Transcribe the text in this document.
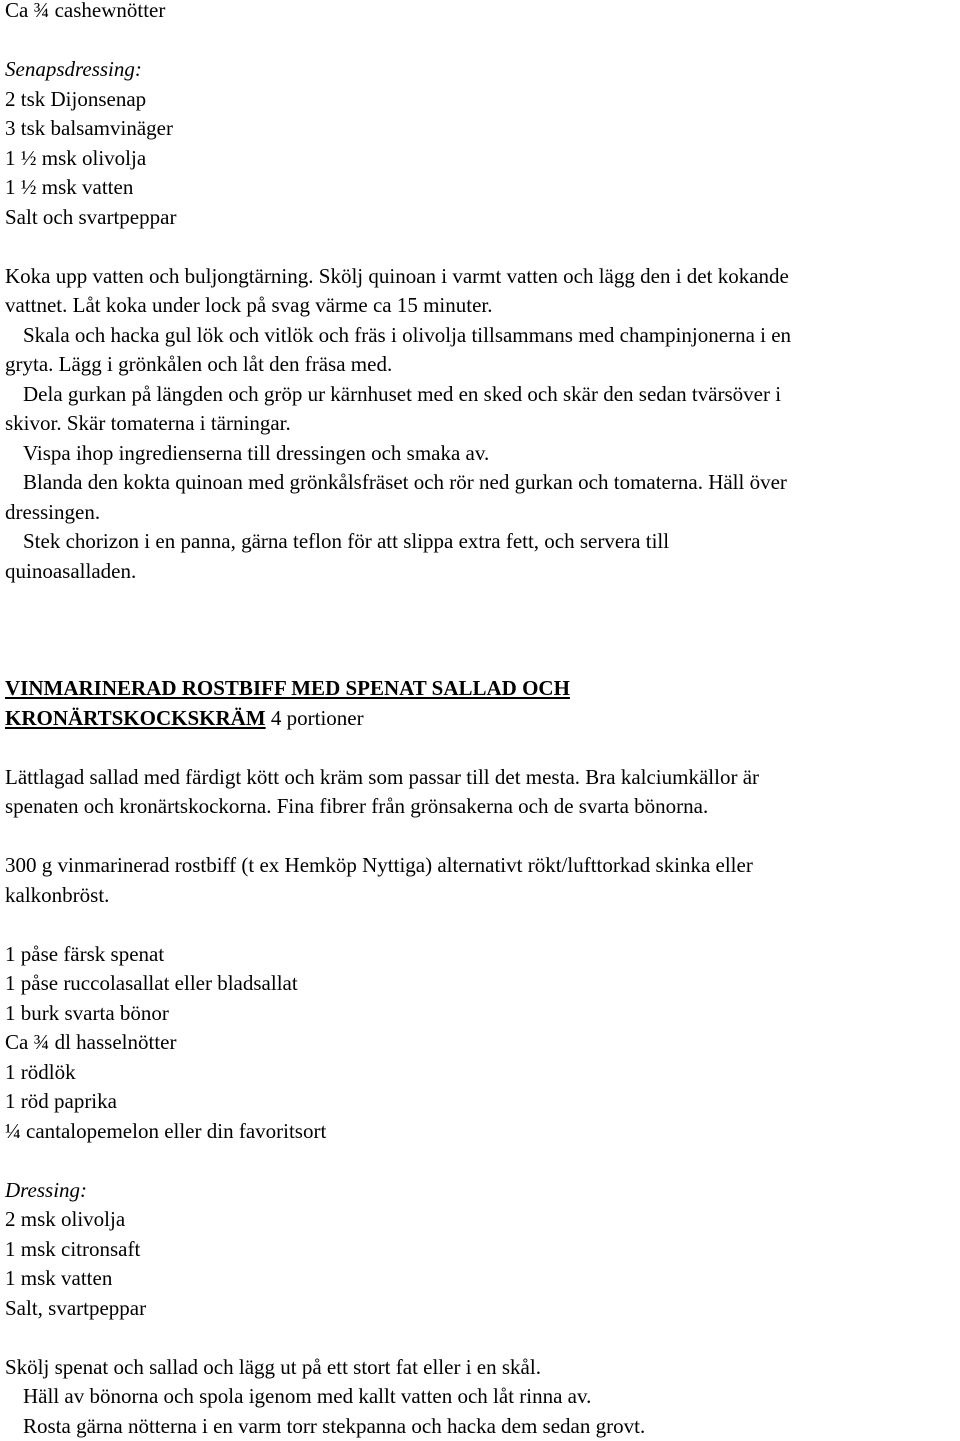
Ca ¾ cashewnötter
Senapsdressing:
2 tsk Dijonsenap
3 tsk balsamvinäger
1 ½ msk olivolja
1 ½ msk vatten
Salt och svartpeppar
Koka upp vatten och buljongtärning. Skölj quinoan i varmt vatten och lägg den i det kokande
vattnet. Låt koka under lock på svag värme ca 15 minuter.
Skala och hacka gul lök och vitlök och fräs i olivolja tillsammans med champinjonerna i en
gryta. Lägg i grönkålen och låt den fräsa med.
Dela gurkan på längden och gröp ur kärnhuset med en sked och skär den sedan tvärsöver i
skivor. Skär tomaterna i tärningar.
Vispa ihop ingredienserna till dressingen och smaka av.
Blanda den kokta quinoan med grönkålsfräset och rör ned gurkan och tomaterna. Häll över
dressingen.
Stek chorizon i en panna, gärna teflon för att slippa extra fett, och servera till
quinoasalladen.
VINMARINERAD ROSTBIFF MED SPENAT SALLAD OCH
KRONÄRTSKOCKSKRÄM 4 portioner
Lättlagad sallad med färdigt kött och kräm som passar till det mesta. Bra kalciumkällor är
spenaten och kronärtskockorna. Fina fibrer från grönsakerna och de svarta bönorna.
300 g vinmarinerad rostbiff (t ex Hemköp Nyttiga) alternativt rökt/lufttorkad skinka eller
kalkonbröst.
1 påse färsk spenat
1 påse ruccolasallat eller bladsallat
1 burk svarta bönor
Ca ¾ dl hasselnötter
1 rödlök
1 röd paprika
¼ cantalopemelon eller din favoritsort
Dressing:
2 msk olivolja
1 msk citronsaft
1 msk vatten
Salt, svartpeppar
Skölj spenat och sallad och lägg ut på ett stort fat eller i en skål.
Häll av bönorna och spola igenom med kallt vatten och låt rinna av.
Rosta gärna nötterna i en varm torr stekpanna och hacka dem sedan grovt.
